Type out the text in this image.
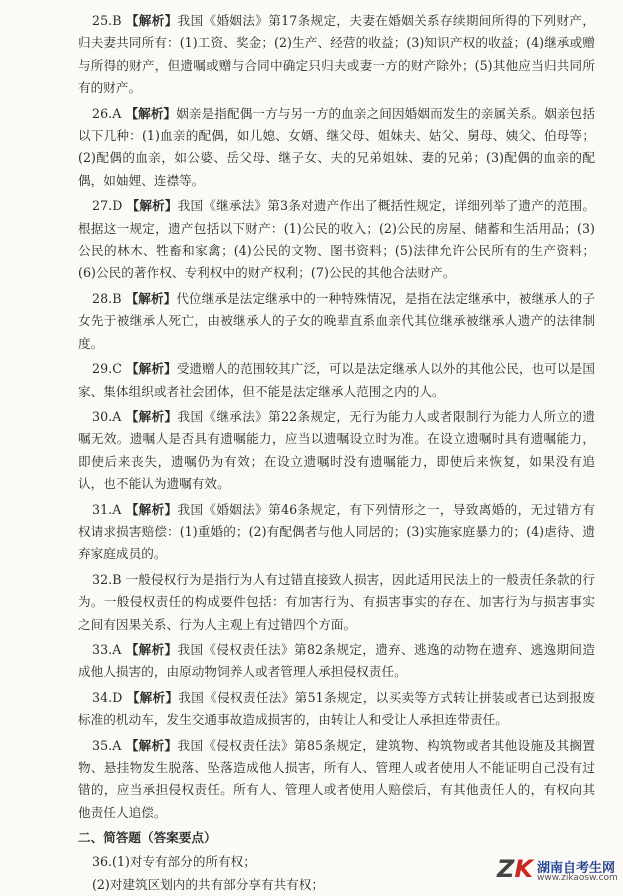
25.B 【解析】我国《婚姻法》第17条规定，夫妻在婚姻关系存续期间所得的下列财产，归夫妻共同所有：(1)工资、奖金；(2)生产、经营的收益；(3)知识产权的收益；(4)继承或赠与所得的财产，但遗嘱或赠与合同中确定只归夫或妻一方的财产除外；(5)其他应当归共同所有的财产。

26.A 【解析】姻亲是指配偶一方与另一方的血亲之间因婚姻而发生的亲属关系。姻亲包括以下几种：(1)血亲的配偶，如儿媳、女婿、继父母、姐妹夫、姑父、舅母、姨父、伯母等；(2)配偶的血亲，如公婆、岳父母、继子女、夫的兄弟姐妹、妻的兄弟；(3)配偶的血亲的配偶，如妯娌、连襟等。

27.D 【解析】我国《继承法》第3条对遗产作出了概括性规定，详细列举了遗产的范围。根据这一规定，遗产包括以下财产：(1)公民的收入；(2)公民的房屋、储蓄和生活用品；(3)公民的林木、牲畜和家禽；(4)公民的文物、图书资料；(5)法律允许公民所有的生产资料；(6)公民的著作权、专利权中的财产权利；(7)公民的其他合法财产。

28.B 【解析】代位继承是法定继承中的一种特殊情况，是指在法定继承中，被继承人的子女先于被继承人死亡，由被继承人的子女的晚辈直系血亲代其位继承被继承人遗产的法律制度。

29.C 【解析】受遗赠人的范围较其广泛，可以是法定继承人以外的其他公民，也可以是国家、集体组织或者社会团体，但不能是法定继承人范围之内的人。

30.A 【解析】我国《继承法》第22条规定，无行为能力人或者限制行为能力人所立的遗嘱无效。遗嘱人是否具有遗嘱能力，应当以遗嘱设立时为准。在设立遗嘱时具有遗嘱能力，即使后来丧失，遗嘱仍为有效；在设立遗嘱时没有遗嘱能力，即使后来恢复，如果没有追认，也不能认为遗嘱有效。

31.A 【解析】我国《婚姻法》第46条规定，有下列情形之一，导致离婚的，无过错方有权请求损害赔偿：(1)重婚的；(2)有配偶者与他人同居的；(3)实施家庭暴力的；(4)虐待、遗弃家庭成员的。

32.B 一般侵权行为是指行为人有过错直接致人损害，因此适用民法上的一般责任条款的行为。一般侵权责任的构成要件包括：有加害行为、有损害事实的存在、加害行为与损害事实之间有因果关系、行为人主观上有过错四个方面。

33.A 【解析】我国《侵权责任法》第82条规定，遗弃、逃逸的动物在遗弃、逃逸期间造成他人损害的，由原动物饲养人或者管理人承担侵权责任。

34.D 【解析】我国《侵权责任法》第51条规定，以买卖等方式转让拼装或者已达到报废标准的机动车，发生交通事故造成损害的，由转让人和受让人承担连带责任。

35.A 【解析】我国《侵权责任法》第85条规定，建筑物、构筑物或者其他设施及其搁置物、悬挂物发生脱落、坠落造成他人损害，所有人、管理人或者使用人不能证明自己没有过错的，应当承担侵权责任。所有人、管理人或者使用人赔偿后，有其他责任人的，有权向其他责任人追偿。

二、简答题（答案要点）

36.(1)对专有部分的所有权；

(2)对建筑区划内的共有部分享有共有权；

ZK 湖南自考生网
www.zikaosw.com
